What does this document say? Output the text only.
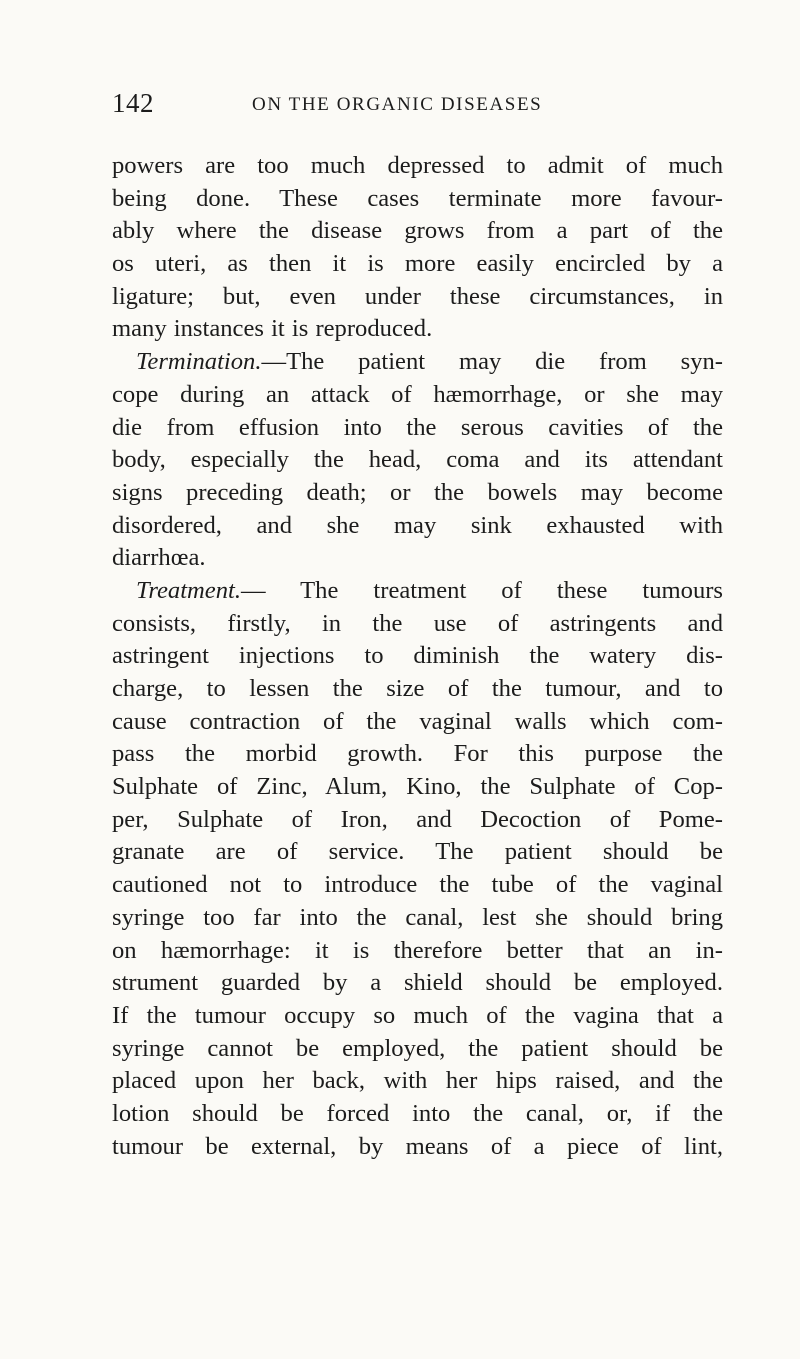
142	ON THE ORGANIC DISEASES
powers are too much depressed to admit of much
being done. These cases terminate more favour-
ably where the disease grows from a part of the
os uteri, as then it is more easily encircled by a
ligature; but, even under these circumstances, in
many instances it is reproduced.
Termination.—The patient may die from syn-
cope during an attack of hæmorrhage, or she may
die from effusion into the serous cavities of the
body, especially the head, coma and its attendant
signs preceding death; or the bowels may become
disordered, and she may sink exhausted with
diarrhœa.
Treatment.— The treatment of these tumours
consists, firstly, in the use of astringents and
astringent injections to diminish the watery dis-
charge, to lessen the size of the tumour, and to
cause contraction of the vaginal walls which com-
pass the morbid growth. For this purpose the
Sulphate of Zinc, Alum, Kino, the Sulphate of Cop-
per, Sulphate of Iron, and Decoction of Pome-
granate are of service. The patient should be
cautioned not to introduce the tube of the vaginal
syringe too far into the canal, lest she should bring
on hæmorrhage: it is therefore better that an in-
strument guarded by a shield should be employed.
If the tumour occupy so much of the vagina that a
syringe cannot be employed, the patient should be
placed upon her back, with her hips raised, and the
lotion should be forced into the canal, or, if the
tumour be external, by means of a piece of lint,
